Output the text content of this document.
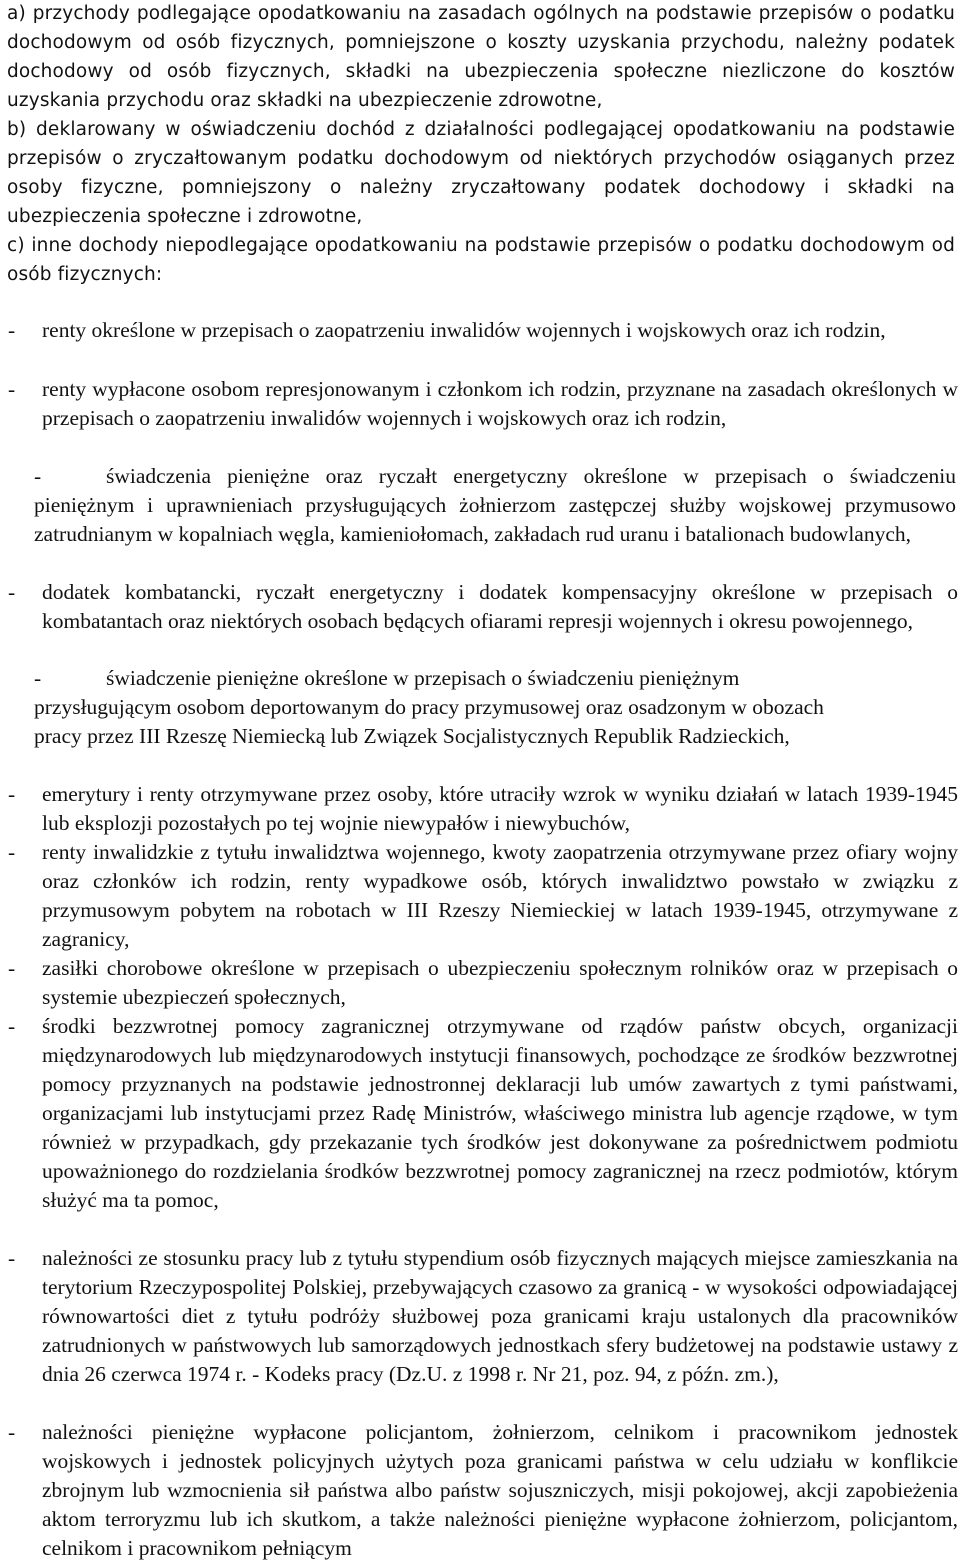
a) przychody podlegające opodatkowaniu na zasadach ogólnych na podstawie przepisów o podatku dochodowym od osób fizycznych, pomniejszone o koszty uzyskania przychodu, należny podatek dochodowy od osób fizycznych, składki na ubezpieczenia społeczne niezliczone do kosztów uzyskania przychodu oraz składki na ubezpieczenie zdrowotne,
b) deklarowany w oświadczeniu dochód z działalności podlegającej opodatkowaniu na podstawie przepisów o zryczałtowanym podatku dochodowym od niektórych przychodów osiąganych przez osoby fizyczne, pomniejszony o należny zryczałtowany podatek dochodowy i składki na ubezpieczenia społeczne i zdrowotne,
c) inne dochody niepodlegające opodatkowaniu na podstawie przepisów o podatku dochodowym od osób fizycznych:
- renty określone w przepisach o zaopatrzeniu inwalidów wojennych i wojskowych oraz ich rodzin,
- renty wypłacone osobom represjonowanym i członkom ich rodzin, przyznane na zasadach określonych w przepisach o zaopatrzeniu inwalidów wojennych i wojskowych oraz ich rodzin,
-	świadczenia pieniężne oraz ryczałt energetyczny określone w przepisach o świadczeniu pieniężnym i uprawnieniach przysługujących żołnierzom zastępczej służby wojskowej przymusowo zatrudnianym w kopalniach węgla, kamieniołomach, zakładach rud uranu i batalionach budowlanych,
- dodatek kombatancki, ryczałt energetyczny i dodatek kompensacyjny określone w przepisach o kombatantach oraz niektórych osobach będących ofiarami represji wojennych i okresu powojennego,
-	świadczenie pieniężne określone w przepisach o świadczeniu pieniężnym przysługującym osobom deportowanym do pracy przymusowej oraz osadzonym w obozach pracy przez III Rzeszę Niemiecką lub Związek Socjalistycznych Republik Radzieckich,
- emerytury i renty otrzymywane przez osoby, które utraciły wzrok w wyniku działań w latach 1939-1945 lub eksplozji pozostałych po tej wojnie niewypałów i niewybuchów,
- renty inwalidzkie z tytułu inwalidztwa wojennego, kwoty zaopatrzenia otrzymywane przez ofiary wojny oraz członków ich rodzin, renty wypadkowe osób, których inwalidztwo powstało w związku z przymusowym pobytem na robotach w III Rzeszy Niemieckiej w latach 1939-1945, otrzymywane z zagranicy,
- zasiłki chorobowe określone w przepisach o ubezpieczeniu społecznym rolników oraz w przepisach o systemie ubezpieczeń społecznych,
- środki bezzwrotnej pomocy zagranicznej otrzymywane od rządów państw obcych, organizacji międzynarodowych lub międzynarodowych instytucji finansowych, pochodzące ze środków bezzwrotnej pomocy przyznanych na podstawie jednostronnej deklaracji lub umów zawartych z tymi państwami, organizacjami lub instytucjami przez Radę Ministrów, właściwego ministra lub agencje rządowe, w tym również w przypadkach, gdy przekazanie tych środków jest dokonywane za pośrednictwem podmiotu upoważnionego do rozdzielania środków bezzwrotnej pomocy zagranicznej na rzecz podmiotów, którym służyć ma ta pomoc,
- należności ze stosunku pracy lub z tytułu stypendium osób fizycznych mających miejsce zamieszkania na terytorium Rzeczypospolitej Polskiej, przebywających czasowo za granicą - w wysokości odpowiadającej równowartości diet z tytułu podróży służbowej poza granicami kraju ustalonych dla pracowników zatrudnionych w państwowych lub samorządowych jednostkach sfery budżetowej na podstawie ustawy z dnia 26 czerwca 1974 r. - Kodeks pracy (Dz.U. z 1998 r. Nr 21, poz. 94, z późn. zm.),
- należności pieniężne wypłacone policjantom, żołnierzom, celnikom i pracownikom jednostek wojskowych i jednostek policyjnych użytych poza granicami państwa w celu udziału w konflikcie zbrojnym lub wzmocnienia sił państwa albo państw sojuszniczych, misji pokojowej, akcji zapobieżenia aktom terroryzmu lub ich skutkom, a także należności pieniężne wypłacone żołnierzom, policjantom, celnikom i pracownikom pełniącym
